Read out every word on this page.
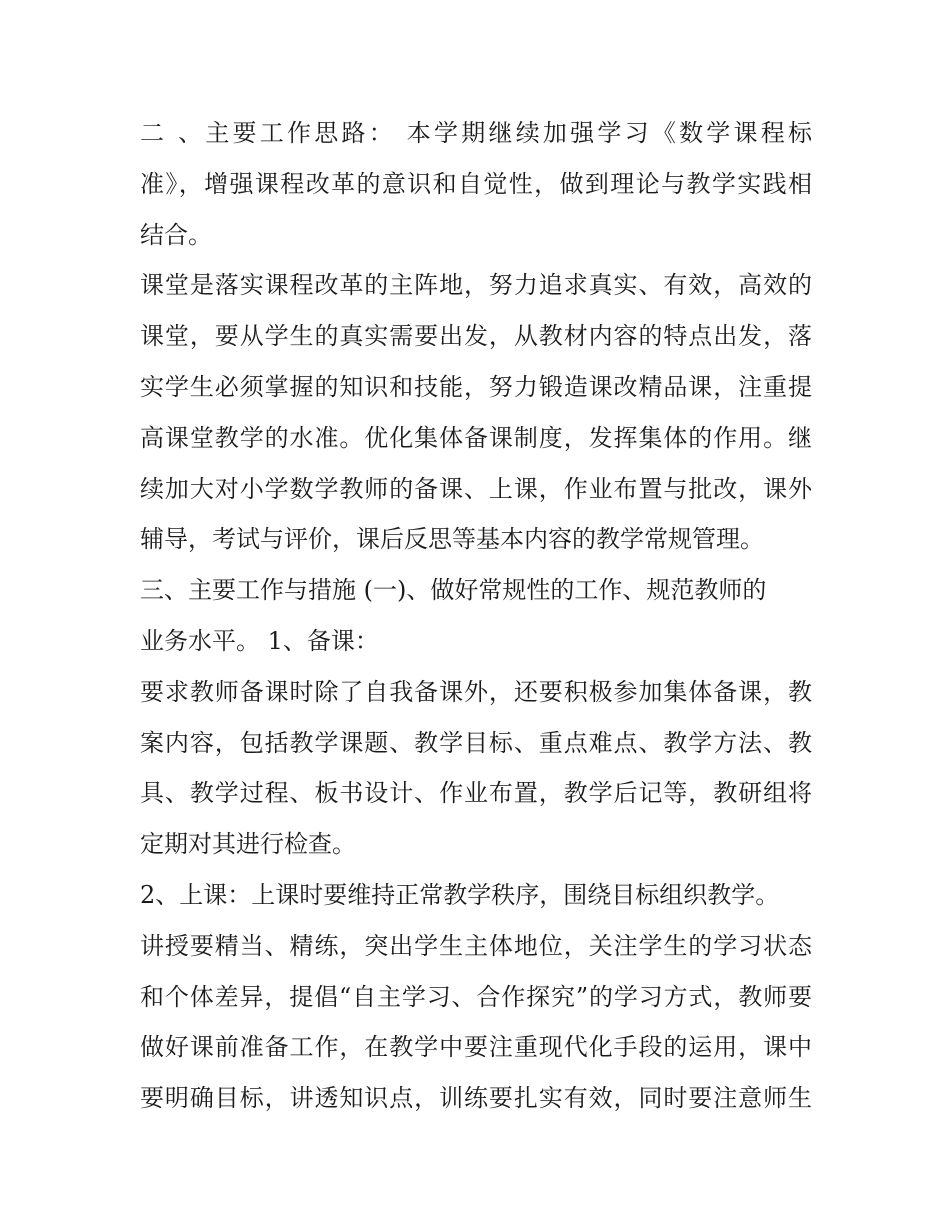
二 、主要工作思路： 本学期继续加强学习《数学课程标
准》，增强课程改革的意识和自觉性，做到理论与教学实践相
结合。
课堂是落实课程改革的主阵地，努力追求真实、有效，高效的
课堂，要从学生的真实需要出发，从教材内容的特点出发，落
实学生必须掌握的知识和技能，努力锻造课改精品课，注重提
高课堂教学的水准。优化集体备课制度，发挥集体的作用。继
续加大对小学数学教师的备课、上课，作业布置与批改，课外
辅导，考试与评价，课后反思等基本内容的教学常规管理。
三、主要工作与措施 (一)、做好常规性的工作、规范教师的
业务水平。 1、备课：
要求教师备课时除了自我备课外，还要积极参加集体备课，教
案内容，包括教学课题、教学目标、重点难点、教学方法、教
具、教学过程、板书设计、作业布置，教学后记等，教研组将
定期对其进行检查。
2、上课：上课时要维持正常教学秩序，围绕目标组织教学。
讲授要精当、精练，突出学生主体地位，关注学生的学习状态
和个体差异，提倡“自主学习、合作探究”的学习方式，教师要
做好课前准备工作，在教学中要注重现代化手段的运用，课中
要明确目标，讲透知识点，训练要扎实有效，同时要注意师生
